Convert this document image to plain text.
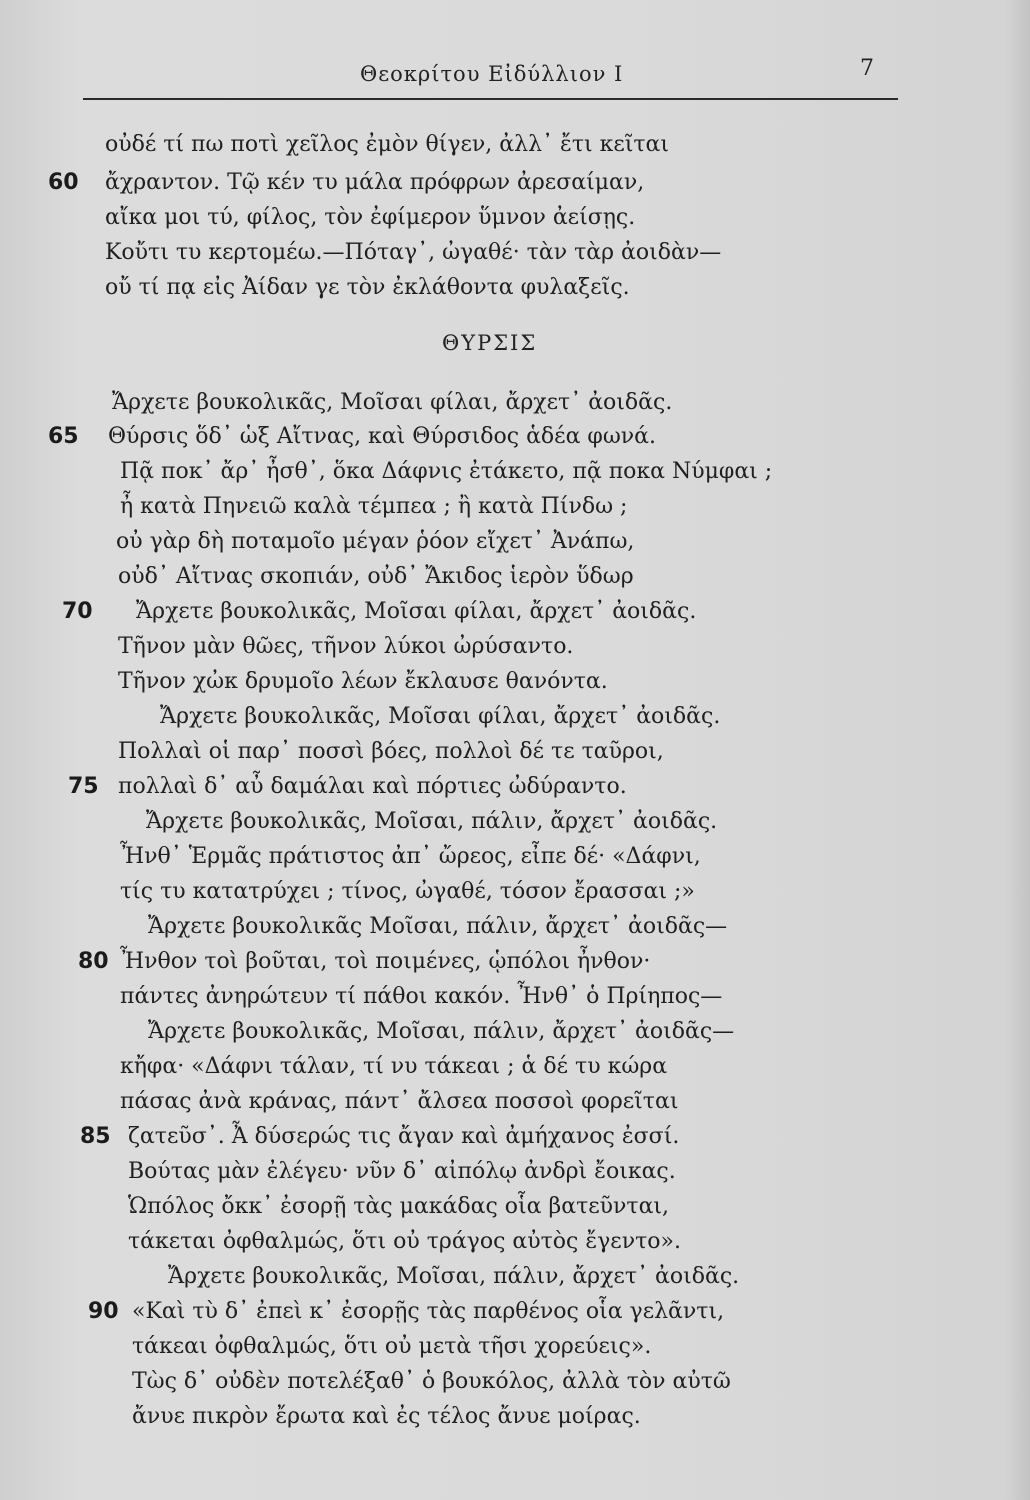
Θεοκρίτου Εἰδύλλιον Ι	7
ΘΥΡΣΙΣ
οὐδέ τί πω ποτὶ χεῖλος ἐμὸν θίγεν, ἀλλ᾽ ἔτι κεῖται
60	ἄχραντον. Τῷ κέν τυ μάλα πρόφρων ἀρεσαίμαν,
αἴκα μοι τύ, φίλος, τὸν ἐφίμερον ὕμνον ἀείσῃς.
Κοὔτι τυ κερτομέω.—Πόταγ᾽, ὠγαθέ· τὰν τὰρ ἀοιδὰν—
οὔ τί πᾳ εἰς Ἀίδαν γε τὸν ἐκλάθοντα φυλαξεῖς.
Ἄρχετε βουκολικᾶς, Μοῖσαι φίλαι, ἄρχετ᾽ ἀοιδᾶς.
65	Θύρσις ὅδ᾽ ὡξ Αἴτνας, καὶ Θύρσιδος ἁδέα φωνά.
Πᾷ ποκ᾽ ἄρ᾽ ἦσθ᾽, ὅκα Δάφνις ἐτάκετο, πᾷ ποκα Νύμφαι ;
ἦ κατὰ Πηνειῶ καλὰ τέμπεα ; ἢ κατὰ Πίνδω ;
οὐ γὰρ δὴ ποταμοῖο μέγαν ῥόον εἴχετ᾽ Ἀνάπω,
οὐδ᾽ Αἴτνας σκοπιάν, οὐδ᾽ Ἄκιδος ἱερὸν ὕδωρ
70	Ἄρχετε βουκολικᾶς, Μοῖσαι φίλαι, ἄρχετ᾽ ἀοιδᾶς.
Τῆνον μὰν θῶες, τῆνον λύκοι ὠρύσαντο.
Τῆνον χὠκ δρυμοῖο λέων ἔκλαυσε θανόντα.
Ἄρχετε βουκολικᾶς, Μοῖσαι φίλαι, ἄρχετ᾽ ἀοιδᾶς.
Πολλαὶ οἱ παρ᾽ ποσσὶ βόες, πολλοὶ δέ τε ταῦροι,
75 πολλαὶ δ᾽ αὖ δαμάλαι καὶ πόρτιες ὠδύραντο.
Ἄρχετε βουκολικᾶς, Μοῖσαι, πάλιν, ἄρχετ᾽ ἀοιδᾶς.
Ἦνθ᾽ Ἑρμᾶς πράτιστος ἀπ᾽ ὤρεος, εἶπε δέ· «Δάφνι,
τίς τυ κατατρύχει ; τίνος, ὠγαθέ, τόσον ἔρασσαι ;»
Ἄρχετε βουκολικᾶς Μοῖσαι, πάλιν, ἄρχετ᾽ ἀοιδᾶς—
80 Ἦνθον τοὶ βοῦται, τοὶ ποιμένες, ᾡπόλοι ἦνθον·
πάντες ἀνηρώτευν τί πάθοι κακόν. Ἦνθ᾽ ὁ Πρίηπος—
Ἄρχετε βουκολικᾶς, Μοῖσαι, πάλιν, ἄρχετ᾽ ἀοιδᾶς—
κἤφα· «Δάφνι τάλαν, τί νυ τάκεαι ; ἁ δέ τυ κώρα
πάσας ἀνὰ κράνας, πάντ᾽ ἄλσεα ποσσοὶ φορεῖται
85 ζατεῦσ᾽. Ἆ δύσερώς τις ἄγαν καὶ ἀμήχανος ἐσσί.
Βούτας μὰν ἐλέγευ· νῦν δ᾽ αἰπόλῳ ἀνδρὶ ἔοικας.
Ὡπόλος ὄκκ᾽ ἐσορῇ τὰς μακάδας οἷα βατεῦνται,
τάκεται ὀφθαλμώς, ὅτι οὐ τράγος αὐτὸς ἔγεντο».
Ἄρχετε βουκολικᾶς, Μοῖσαι, πάλιν, ἄρχετ᾽ ἀοιδᾶς.
90 «Καὶ τὺ δ᾽ ἐπεὶ κ᾽ ἐσορῇς τὰς παρθένος οἷα γελᾶντι,
τάκεαι ὀφθαλμώς, ὅτι οὐ μετὰ τῆσι χορεύεις».
Τὼς δ᾽ οὐδὲν ποτελέξαθ᾽ ὁ βουκόλος, ἀλλὰ τὸν αὐτῶ
ἄνυε πικρὸν ἔρωτα καὶ ἐς τέλος ἄνυε μοίρας.
